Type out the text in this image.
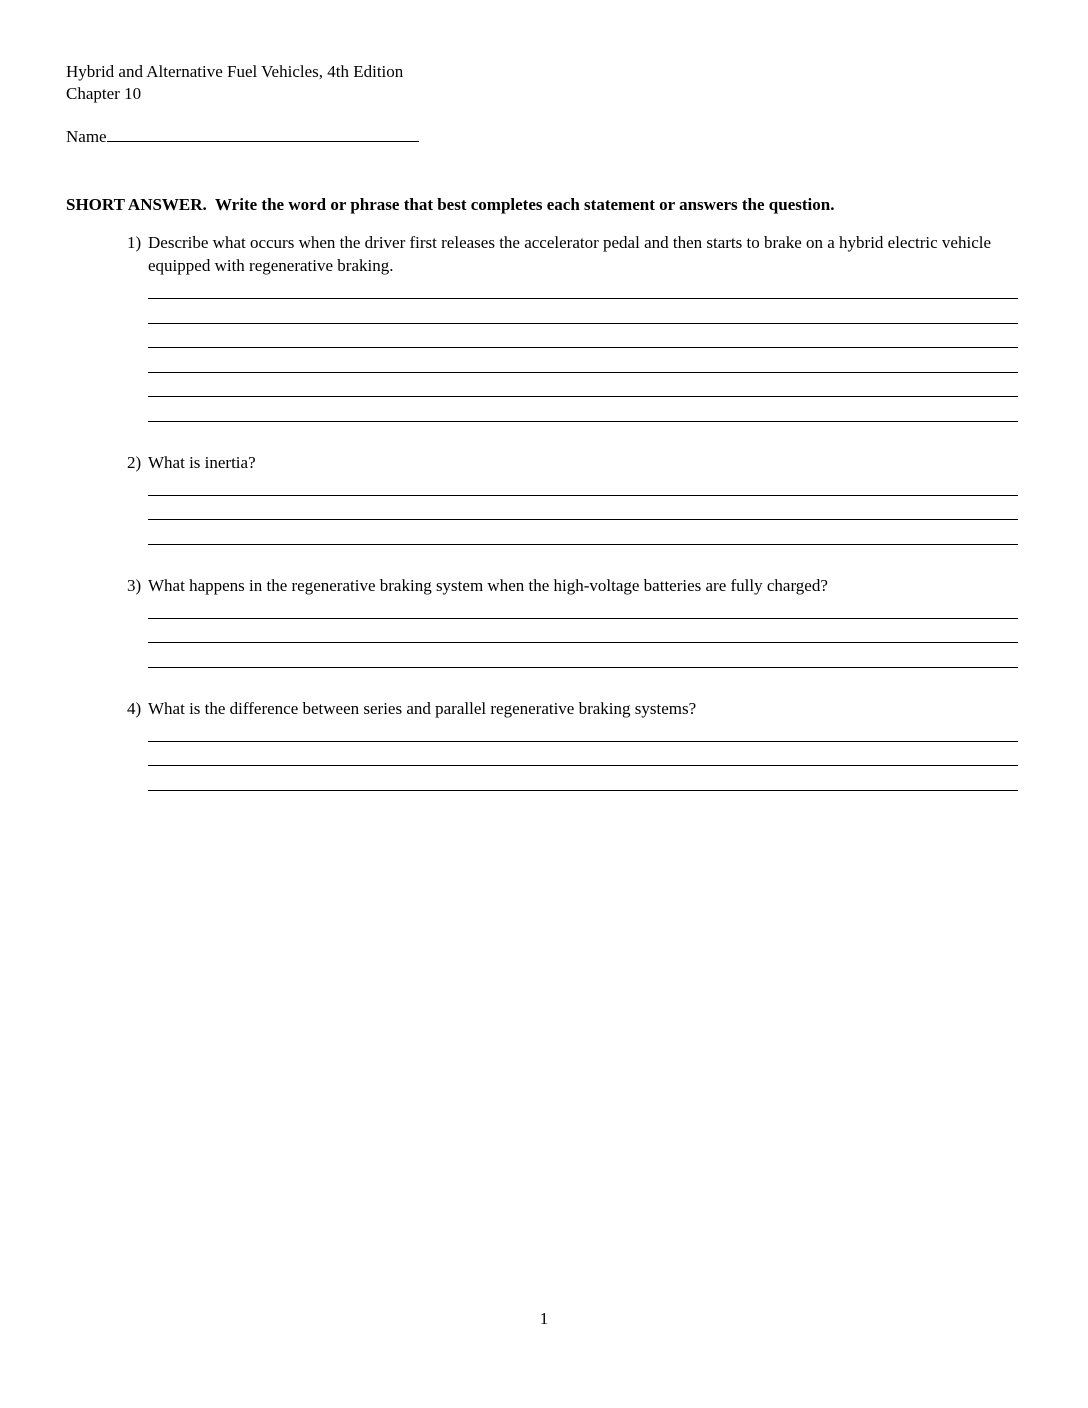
Hybrid and Alternative Fuel Vehicles, 4th Edition
Chapter 10
Name
SHORT ANSWER.  Write the word or phrase that best completes each statement or answers the question.
1) Describe what occurs when the driver first releases the accelerator pedal and then starts to brake on a hybrid electric vehicle equipped with regenerative braking.
2) What is inertia?
3) What happens in the regenerative braking system when the high-voltage batteries are fully charged?
4) What is the difference between series and parallel regenerative braking systems?
1
